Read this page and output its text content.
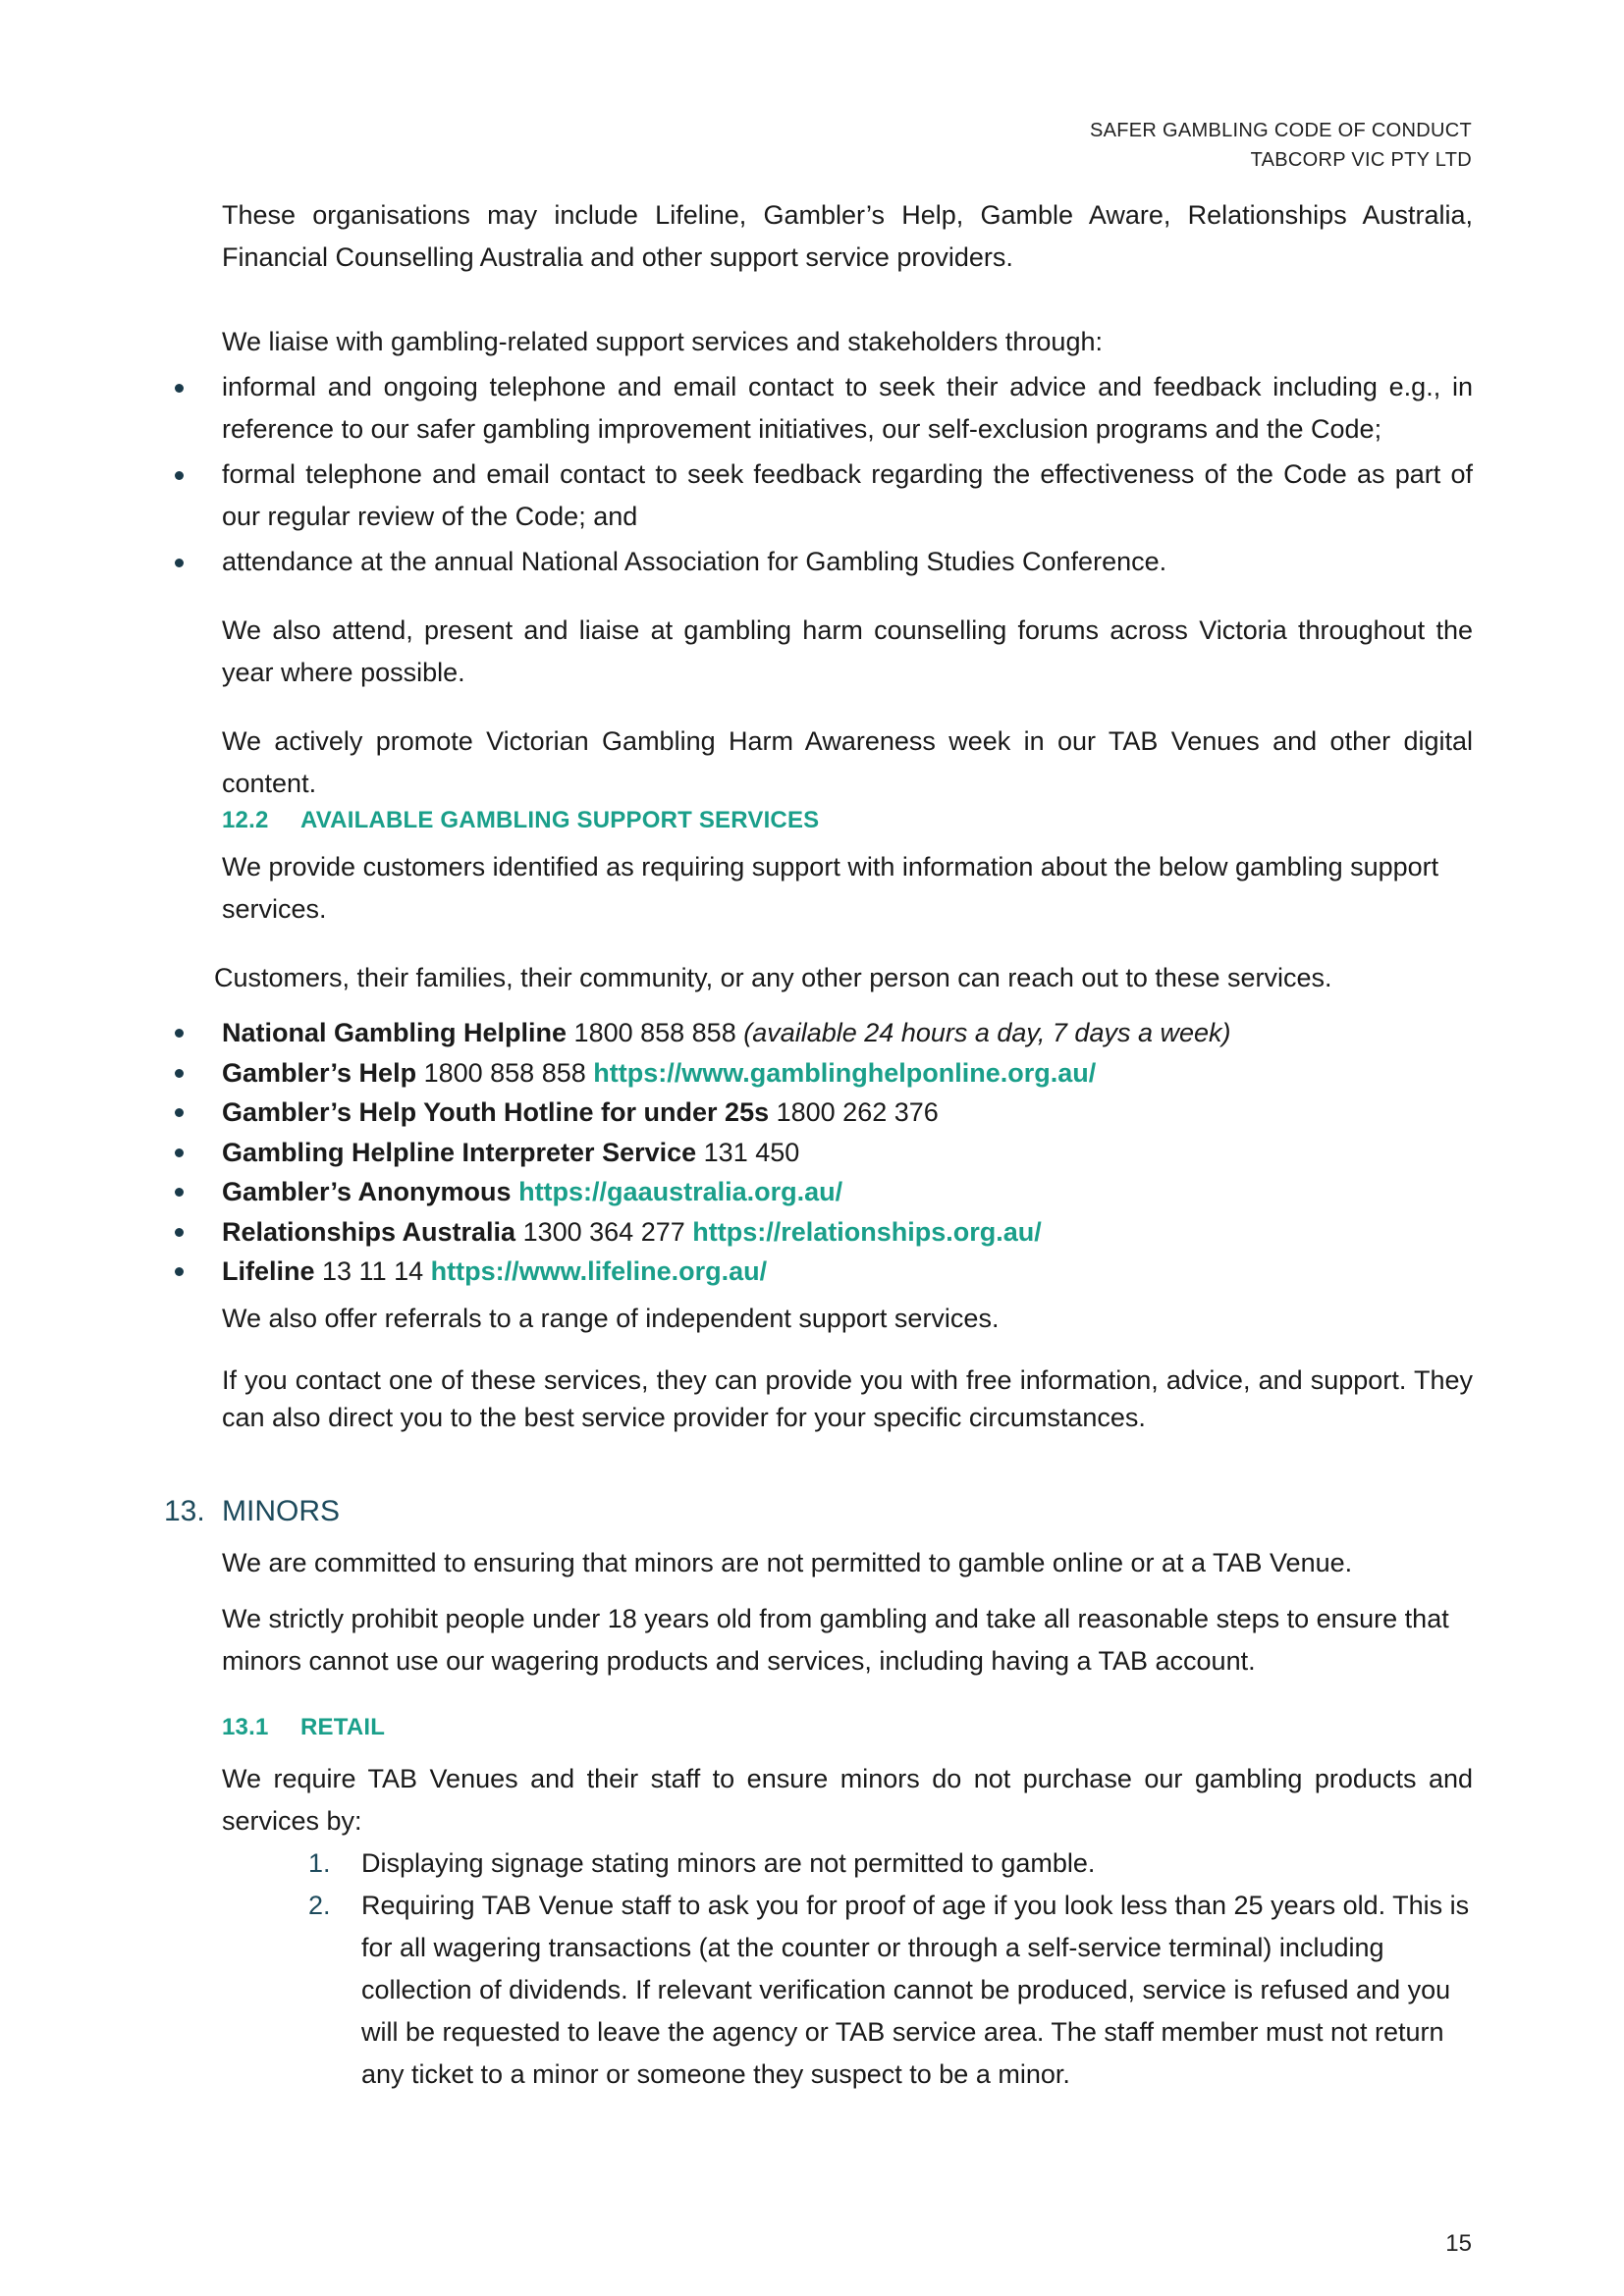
SAFER GAMBLING CODE OF CONDUCT
TABCORP VIC PTY LTD

These organisations may include Lifeline, Gambler’s Help, Gamble Aware, Relationships Australia, Financial Counselling Australia and other support service providers.

We liaise with gambling-related support services and stakeholders through:

informal and ongoing telephone and email contact to seek their advice and feedback including e.g., in reference to our safer gambling improvement initiatives, our self-exclusion programs and the Code;
formal telephone and email contact to seek feedback regarding the effectiveness of the Code as part of our regular review of the Code; and
attendance at the annual National Association for Gambling Studies Conference.

We also attend, present and liaise at gambling harm counselling forums across Victoria throughout the year where possible.

We actively promote Victorian Gambling Harm Awareness week in our TAB Venues and other digital content.

12.2 AVAILABLE GAMBLING SUPPORT SERVICES

We provide customers identified as requiring support with information about the below gambling support services.

Customers, their families, their community, or any other person can reach out to these services.

National Gambling Helpline 1800 858 858 (available 24 hours a day, 7 days a week)
Gambler’s Help 1800 858 858 https://www.gamblinghelponline.org.au/
Gambler’s Help Youth Hotline for under 25s 1800 262 376
Gambling Helpline Interpreter Service 131 450
Gambler’s Anonymous https://gaaustralia.org.au/
Relationships Australia 1300 364 277 https://relationships.org.au/
Lifeline 13 11 14 https://www.lifeline.org.au/

We also offer referrals to a range of independent support services.

If you contact one of these services, they can provide you with free information, advice, and support. They can also direct you to the best service provider for your specific circumstances.

13. MINORS

We are committed to ensuring that minors are not permitted to gamble online or at a TAB Venue.

We strictly prohibit people under 18 years old from gambling and take all reasonable steps to ensure that minors cannot use our wagering products and services, including having a TAB account.

13.1 RETAIL

We require TAB Venues and their staff to ensure minors do not purchase our gambling products and services by:

1. Displaying signage stating minors are not permitted to gamble.
2. Requiring TAB Venue staff to ask you for proof of age if you look less than 25 years old. This is for all wagering transactions (at the counter or through a self-service terminal) including collection of dividends. If relevant verification cannot be produced, service is refused and you will be requested to leave the agency or TAB service area. The staff member must not return any ticket to a minor or someone they suspect to be a minor.
15
